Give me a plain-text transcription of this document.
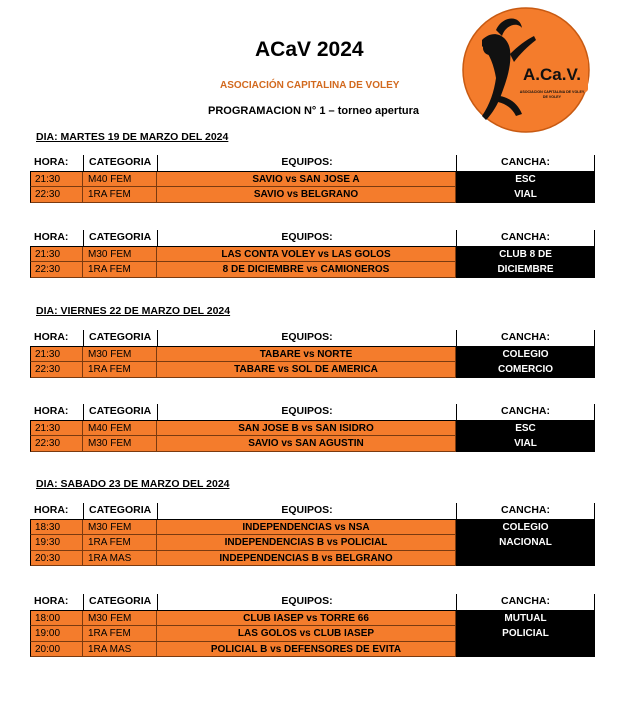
ACaV 2024
ASOCIACIÓN CAPITALINA DE VOLEY
PROGRAMACION N° 1 – torneo apertura
A.Ca.V.
ASOCIACION CAPITALINA DE VOLEY
DE VOLEY
DIA: MARTES 19 DE MARZO DEL 2024
HORA:	CATEGORIA	EQUIPOS:	CANCHA:
21:30	M40 FEM	SAVIO vs SAN JOSE A	ESC
22:30	1RA FEM	SAVIO vs BELGRANO	VIAL
HORA:	CATEGORIA	EQUIPOS:	CANCHA:
21:30	M30 FEM	LAS CONTA VOLEY vs LAS GOLOS	CLUB 8 DE
22:30	1RA FEM	8 DE DICIEMBRE vs CAMIONEROS	DICIEMBRE
DIA: VIERNES 22 DE MARZO DEL 2024
HORA:	CATEGORIA	EQUIPOS:	CANCHA:
21:30	M30 FEM	TABARE vs NORTE	COLEGIO
22:30	1RA FEM	TABARE vs SOL DE AMERICA	COMERCIO
HORA:	CATEGORIA	EQUIPOS:	CANCHA:
21:30	M40 FEM	SAN JOSE B vs SAN ISIDRO	ESC
22:30	M30 FEM	SAVIO vs SAN AGUSTIN	VIAL
DIA: SABADO 23 DE MARZO DEL 2024
HORA:	CATEGORIA	EQUIPOS:	CANCHA:
18:30	M30 FEM	INDEPENDENCIAS vs NSA	COLEGIO
19:30	1RA FEM	INDEPENDENCIAS B vs POLICIAL	NACIONAL
20:30	1RA MAS	INDEPENDENCIAS B vs BELGRANO
HORA:	CATEGORIA	EQUIPOS:	CANCHA:
18:00	M30 FEM	CLUB IASEP vs TORRE 66	MUTUAL
19:00	1RA FEM	LAS GOLOS vs CLUB IASEP	POLICIAL
20:00	1RA MAS	POLICIAL B vs DEFENSORES DE EVITA
